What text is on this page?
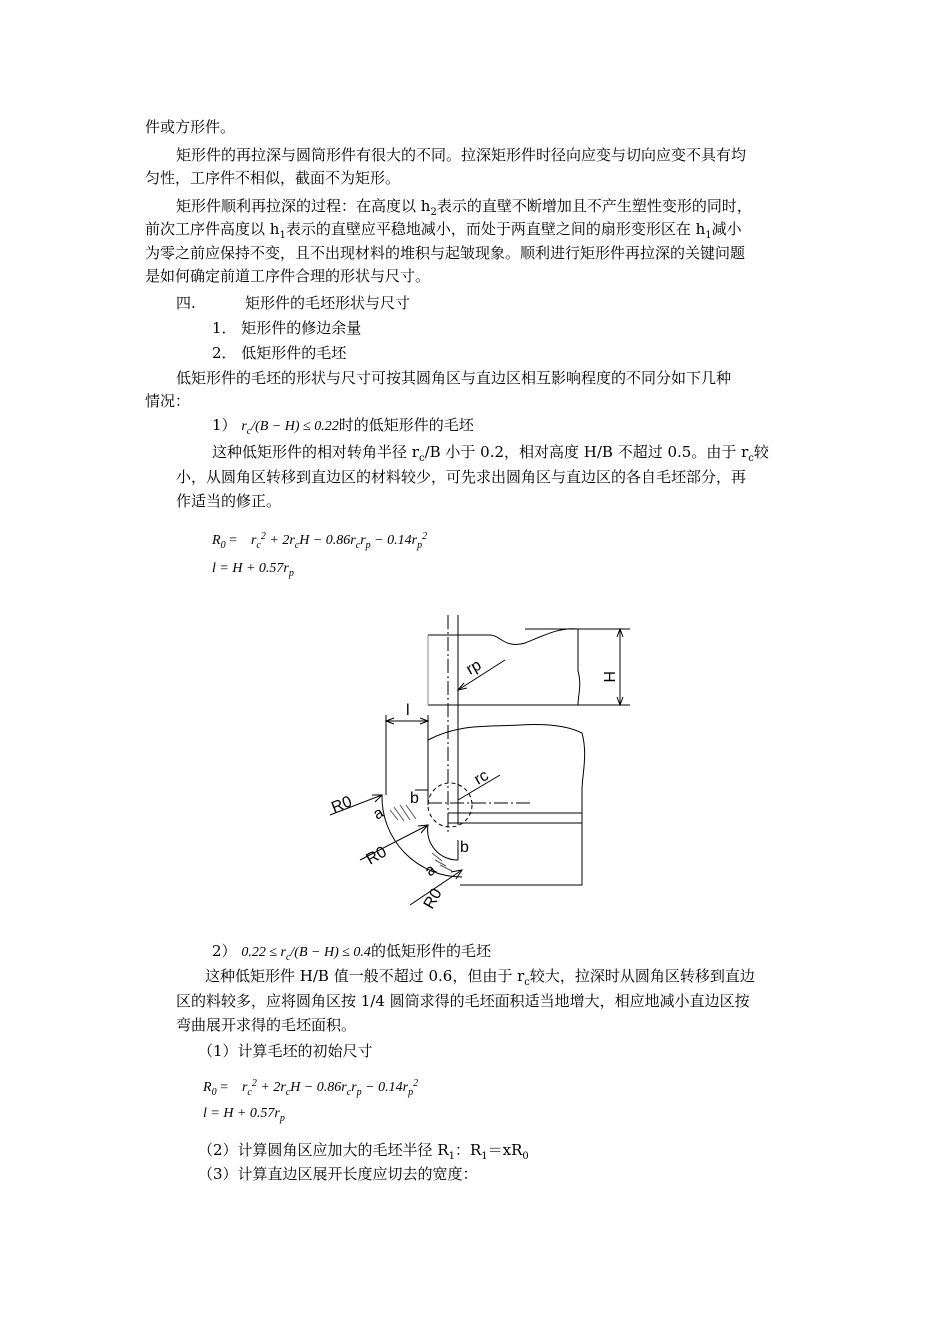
件或方形件。
矩形件的再拉深与圆筒形件有很大的不同。拉深矩形件时径向应变与切向应变不具有均
匀性，工序件不相似，截面不为矩形。
矩形件顺利再拉深的过程：在高度以 $h_2$表示的直壁不断增加且不产生塑性变形的同时，
前次工序件高度以 $h_1$表示的直壁应平稳地减小，而处于两直壁之间的扇形变形区在 $h_1$减小
为零之前应保持不变，且不出现材料的堆积与起皱现象。顺利进行矩形件再拉深的关键问题
是如何确定前道工序件合理的形状与尺寸。
四.	矩形件的毛坯形状与尺寸
1． 矩形件的修边余量
2． 低矩形件的毛坯
低矩形件的毛坯的形状与尺寸可按其圆角区与直边区相互影响程度的不同分如下几种
情况：
1） $r_c/(B - H) \le 0.22$时的低矩形件的毛坯
这种低矩形件的相对转角半径 $r_c/B$ 小于 0.2，相对高度 H/B 不超过 0.5。由于 $r_c$较
小，从圆角区转移到直边区的材料较少，可先求出圆角区与直边区的各自毛坯部分，再
作适当的修正。
$R_0$ =    $r_c^2 + 2r_cH - 0.86r_cr_p - 0.14r_p^2$
$l = H + 0.57r_p$
rp	H
l
rc
R0
R0
R0
b
b
a
a
2） $0.22 \le r_c/(B - H) \le 0.4$的低矩形件的毛坯
这种低矩形件 H/B 值一般不超过 0.6，但由于 $r_c$较大，拉深时从圆角区转移到直边
区的料较多，应将圆角区按 1/4 圆筒求得的毛坯面积适当地增大，相应地减小直边区按
弯曲展开求得的毛坯面积。
（1）计算毛坯的初始尺寸
$R_0$ =    $r_c^2 + 2r_cH - 0.86r_cr_p - 0.14r_p^2$
$l = H + 0.57r_p$
（2）计算圆角区应加大的毛坯半径 $R_1$：$R_1=xR_0$
（3）计算直边区展开长度应切去的宽度：
